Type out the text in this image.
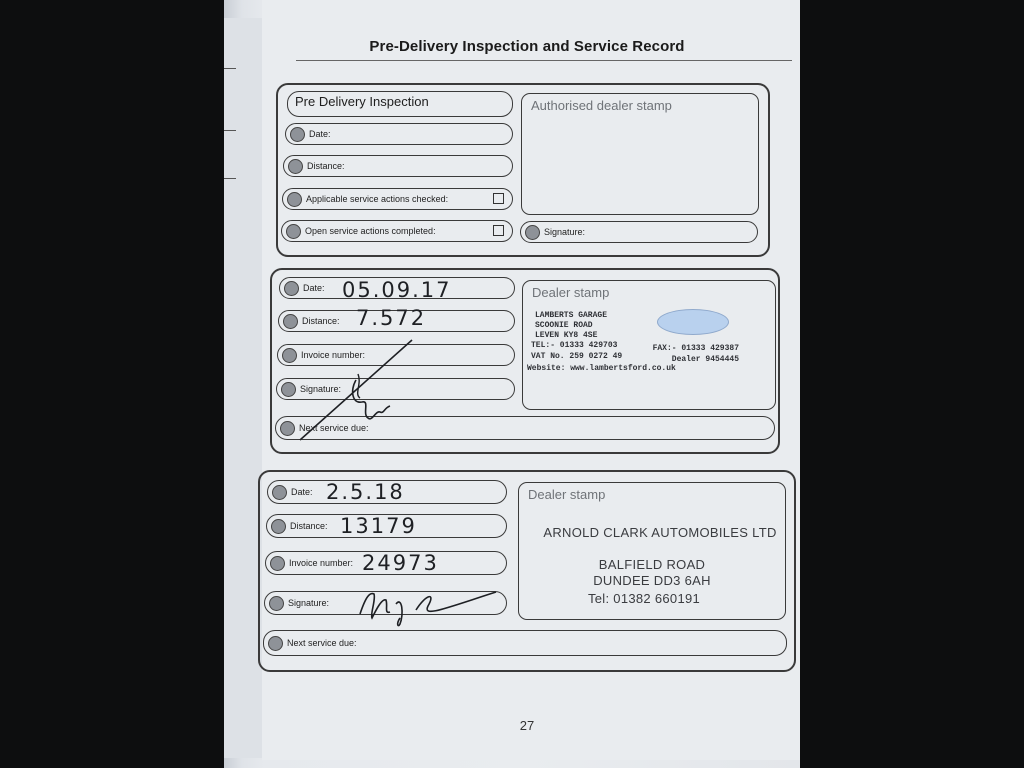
Pre-Delivery Inspection and Service Record
Pre Delivery Inspection
Date:
Distance:
Applicable service actions checked:
Open service actions completed:
Authorised dealer stamp
Signature:
Date: 05.09.17
Distance: 7.572
Invoice number:
Signature:
Next service due:
Dealer stamp
LAMBERTS GARAGE
SCOONIE ROAD
LEVEN KY8 4SE
TEL:- 01333 429703
VAT No. 259 0272 49
Website: www.lambertsford.co.uk
FAX:- 01333 429387
Dealer 9454445
Date: 2.5.18
Distance: 13179
Invoice number: 24973
Signature:
Next service due:
Dealer stamp
ARNOLD CLARK AUTOMOBILES LTD
BALFIELD ROAD
DUNDEE DD3 6AH
Tel: 01382 660191
27
